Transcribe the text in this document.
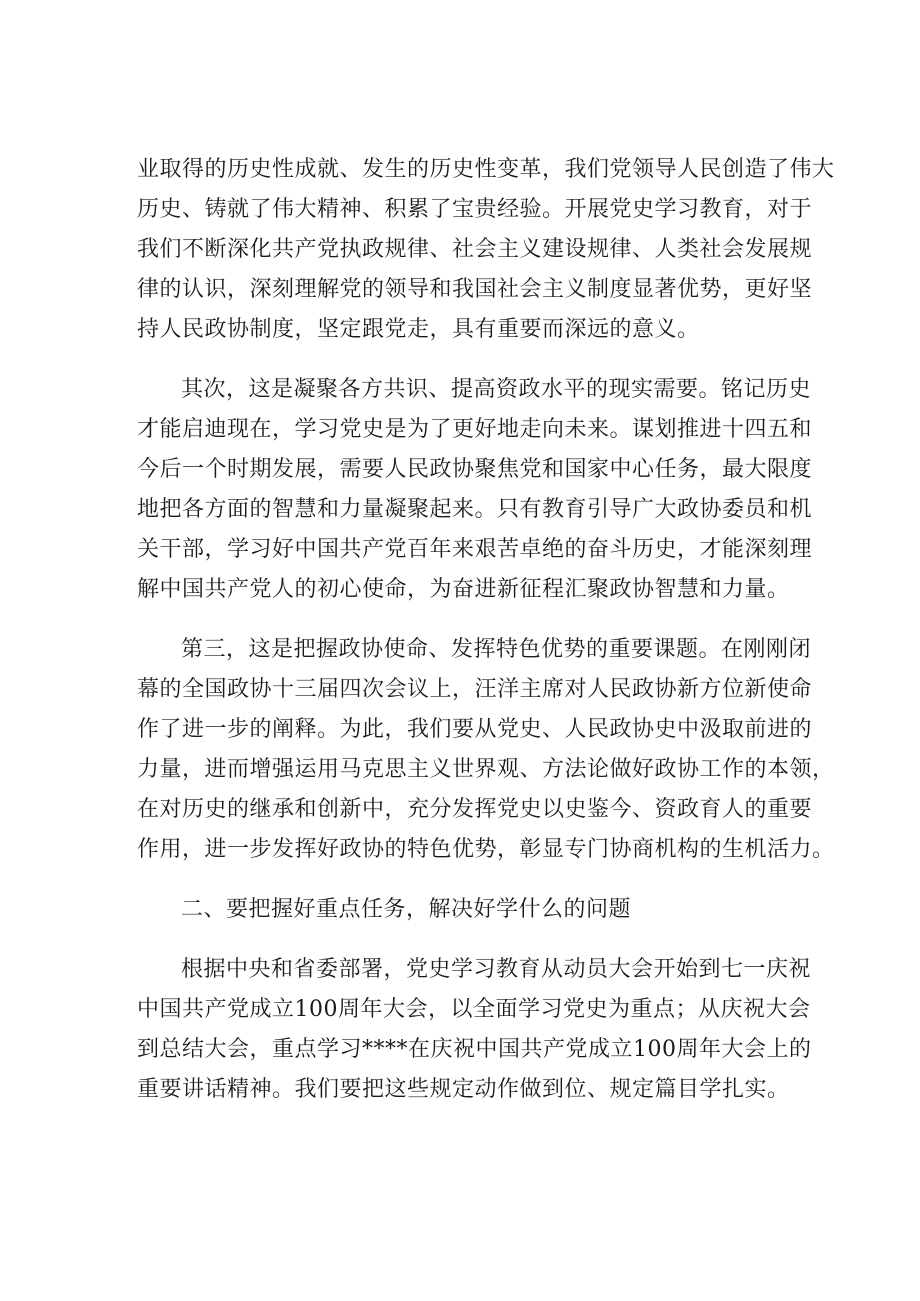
业取得的历史性成就、发生的历史性变革，我们党领导人民创造了伟大
历史、铸就了伟大精神、积累了宝贵经验。开展党史学习教育，对于
我们不断深化共产党执政规律、社会主义建设规律、人类社会发展规
律的认识，深刻理解党的领导和我国社会主义制度显著优势，更好坚
持人民政协制度，坚定跟党走，具有重要而深远的意义。
其次，这是凝聚各方共识、提高资政水平的现实需要。铭记历史
才能启迪现在，学习党史是为了更好地走向未来。谋划推进十四五和
今后一个时期发展，需要人民政协聚焦党和国家中心任务，最大限度
地把各方面的智慧和力量凝聚起来。只有教育引导广大政协委员和机
关干部，学习好中国共产党百年来艰苦卓绝的奋斗历史，才能深刻理
解中国共产党人的初心使命，为奋进新征程汇聚政协智慧和力量。
第三，这是把握政协使命、发挥特色优势的重要课题。在刚刚闭
幕的全国政协十三届四次会议上，汪洋主席对人民政协新方位新使命
作了进一步的阐释。为此，我们要从党史、人民政协史中汲取前进的
力量，进而增强运用马克思主义世界观、方法论做好政协工作的本领，
在对历史的继承和创新中，充分发挥党史以史鉴今、资政育人的重要
作用，进一步发挥好政协的特色优势，彰显专门协商机构的生机活力。
二、要把握好重点任务，解决好学什么的问题
根据中央和省委部署，党史学习教育从动员大会开始到七一庆祝
中国共产党成立100周年大会，以全面学习党史为重点；从庆祝大会
到总结大会，重点学习****在庆祝中国共产党成立100周年大会上的
重要讲话精神。我们要把这些规定动作做到位、规定篇目学扎实。
